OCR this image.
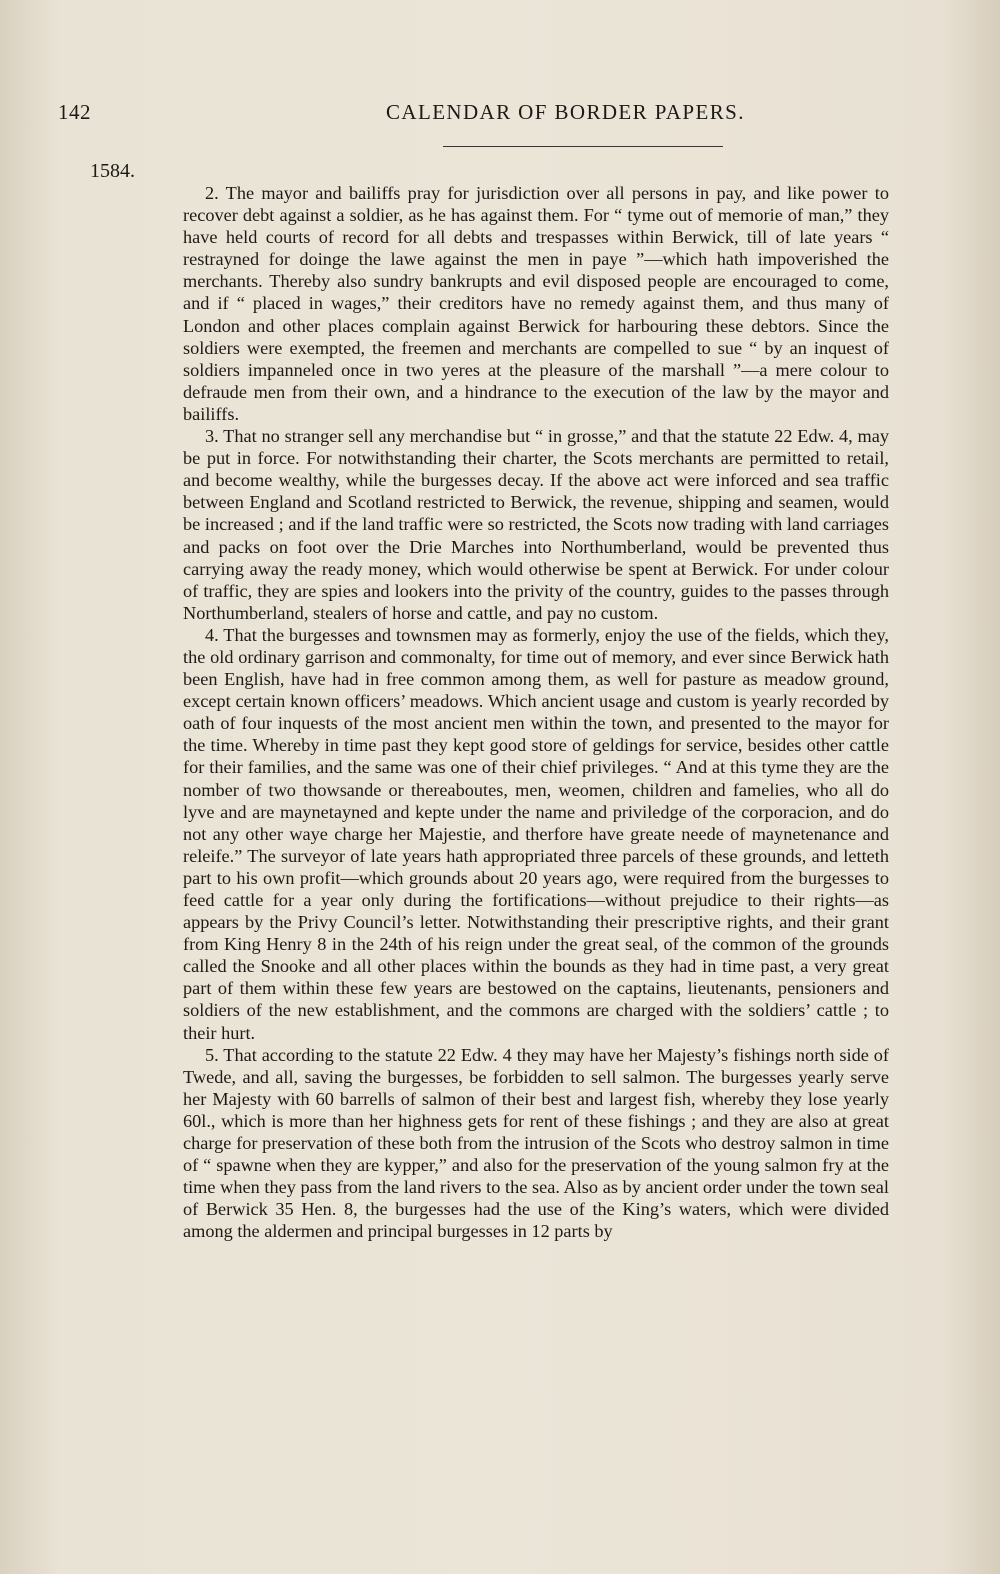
142	CALENDAR OF BORDER PAPERS.
1584.

2. The mayor and bailiffs pray for jurisdiction over all persons in pay, and like power to recover debt against a soldier, as he has against them. For “ tyme out of memorie of man,” they have held courts of record for all debts and trespasses within Berwick, till of late years “ restrayned for doinge the lawe against the men in paye ”—which hath impoverished the merchants. Thereby also sundry bankrupts and evil disposed people are encouraged to come, and if “ placed in wages,” their creditors have no remedy against them, and thus many of London and other places complain against Berwick for harbouring these debtors. Since the soldiers were exempted, the freemen and merchants are compelled to sue “ by an inquest of soldiers impanneled once in two yeres at the pleasure of the marshall ”—a mere colour to defraude men from their own, and a hindrance to the execution of the law by the mayor and bailiffs.

3. That no stranger sell any merchandise but “ in grosse,” and that the statute 22 Edw. 4, may be put in force. For notwithstanding their charter, the Scots merchants are permitted to retail, and become wealthy, while the burgesses decay. If the above act were inforced and sea traffic between England and Scotland restricted to Berwick, the revenue, shipping and seamen, would be increased ; and if the land traffic were so restricted, the Scots now trading with land carriages and packs on foot over the Drie Marches into Northumberland, would be prevented thus carrying away the ready money, which would otherwise be spent at Berwick. For under colour of traffic, they are spies and lookers into the privity of the country, guides to the passes through Northumberland, stealers of horse and cattle, and pay no custom.

4. That the burgesses and townsmen may as formerly, enjoy the use of the fields, which they, the old ordinary garrison and commonalty, for time out of memory, and ever since Berwick hath been English, have had in free common among them, as well for pasture as meadow ground, except certain known officers’ meadows. Which ancient usage and custom is yearly recorded by oath of four inquests of the most ancient men within the town, and presented to the mayor for the time. Whereby in time past they kept good store of geldings for service, besides other cattle for their families, and the same was one of their chief privileges. “ And at this tyme they are the nomber of two thowsande or thereaboutes, men, weomen, children and famelies, who all do lyve and are maynetayned and kepte under the name and priviledge of the corporacion, and do not any other waye charge her Majestie, and therfore have greate neede of maynetenance and releife.” The surveyor of late years hath appropriated three parcels of these grounds, and letteth part to his own profit—which grounds about 20 years ago, were required from the burgesses to feed cattle for a year only during the fortifications—without prejudice to their rights—as appears by the Privy Council’s letter. Notwithstanding their prescriptive rights, and their grant from King Henry 8 in the 24th of his reign under the great seal, of the common of the grounds called the Snooke and all other places within the bounds as they had in time past, a very great part of them within these few years are bestowed on the captains, lieutenants, pensioners and soldiers of the new establishment, and the commons are charged with the soldiers’ cattle ; to their hurt.

5. That according to the statute 22 Edw. 4 they may have her Majesty’s fishings north side of Twede, and all, saving the burgesses, be forbidden to sell salmon. The burgesses yearly serve her Majesty with 60 barrells of salmon of their best and largest fish, whereby they lose yearly 60l., which is more than her highness gets for rent of these fishings ; and they are also at great charge for preservation of these both from the intrusion of the Scots who destroy salmon in time of “ spawne when they are kypper,” and also for the preservation of the young salmon fry at the time when they pass from the land rivers to the sea. Also as by ancient order under the town seal of Berwick 35 Hen. 8, the burgesses had the use of the King’s waters, which were divided among the aldermen and principal burgesses in 12 parts by
